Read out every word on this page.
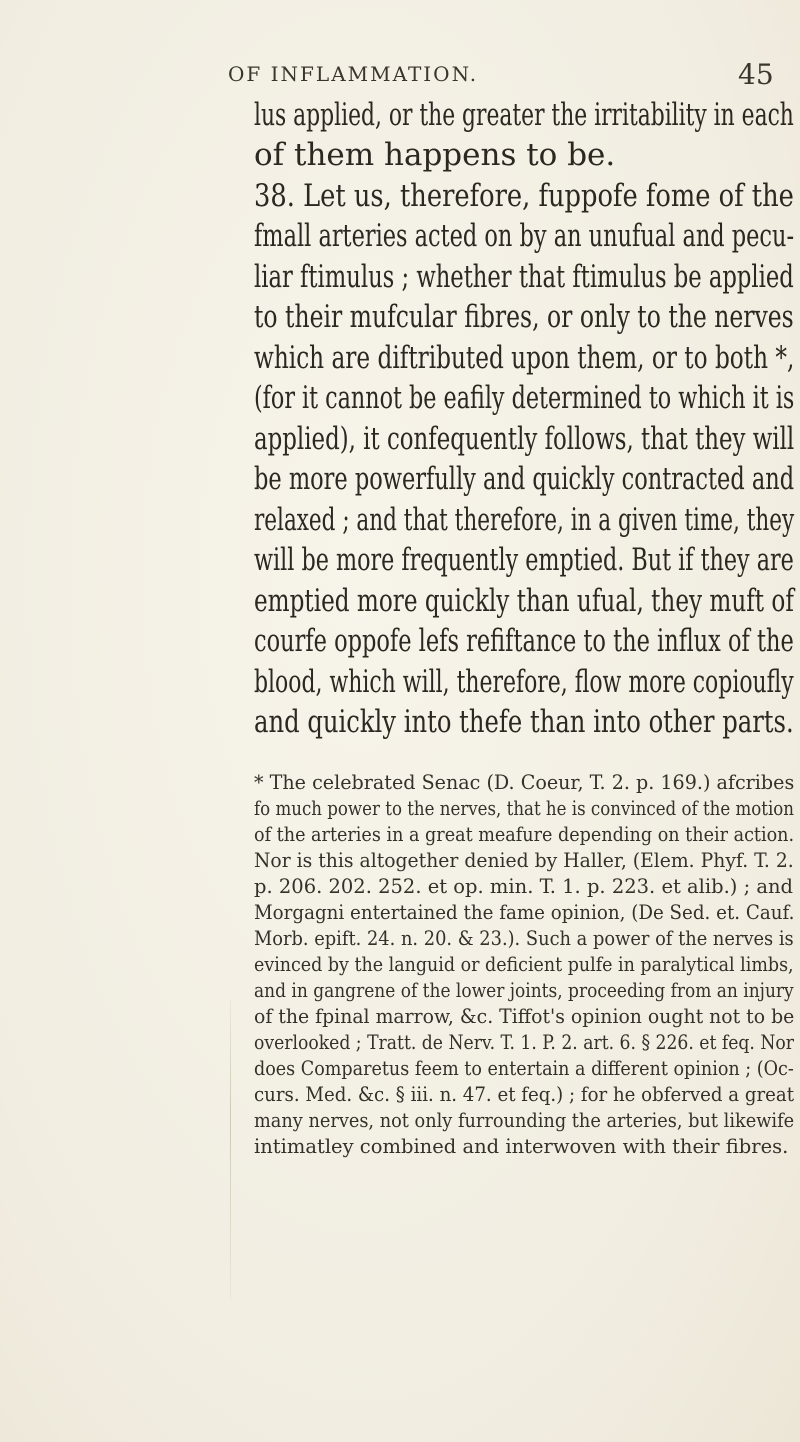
OF INFLAMMATION.	45
lus applied, or the greater the irritability in each
of them happens to be.
38. Let us, therefore, fuppofe fome of the
fmall arteries acted on by an unufual and pecu-
liar ftimulus ; whether that ftimulus be applied
to their mufcular fibres, or only to the nerves
which are diftributed upon them, or to both *,
(for it cannot be eafily determined to which it is
applied), it confequently follows, that they will
be more powerfully and quickly contracted and
relaxed ; and that therefore, in a given time, they
will be more frequently emptied. But if they are
emptied more quickly than ufual, they muft of
courfe oppofe lefs refiftance to the influx of the
blood, which will, therefore, flow more copioufly
and quickly into thefe than into other parts.
* The celebrated Senac (D. Coeur, T. 2. p. 169.) afcribes
fo much power to the nerves, that he is convinced of the motion
of the arteries in a great meafure depending on their action.
Nor is this altogether denied by Haller, (Elem. Phyf. T. 2.
p. 206. 202. 252. et op. min. T. 1. p. 223. et alib.) ; and
Morgagni entertained the fame opinion, (De Sed. et. Cauf.
Morb. epift. 24. n. 20. & 23.). Such a power of the nerves is
evinced by the languid or deficient pulfe in paralytical limbs,
and in gangrene of the lower joints, proceeding from an injury
of the fpinal marrow, &c. Tiffot's opinion ought not to be
overlooked ; Tratt. de Nerv. T. 1. P. 2. art. 6. § 226. et feq. Nor
does Comparetus feem to entertain a different opinion ; (Oc-
curs. Med. &c. § iii. n. 47. et feq.) ; for he obferved a great
many nerves, not only furrounding the arteries, but likewife
intimatley combined and interwoven with their fibres.
